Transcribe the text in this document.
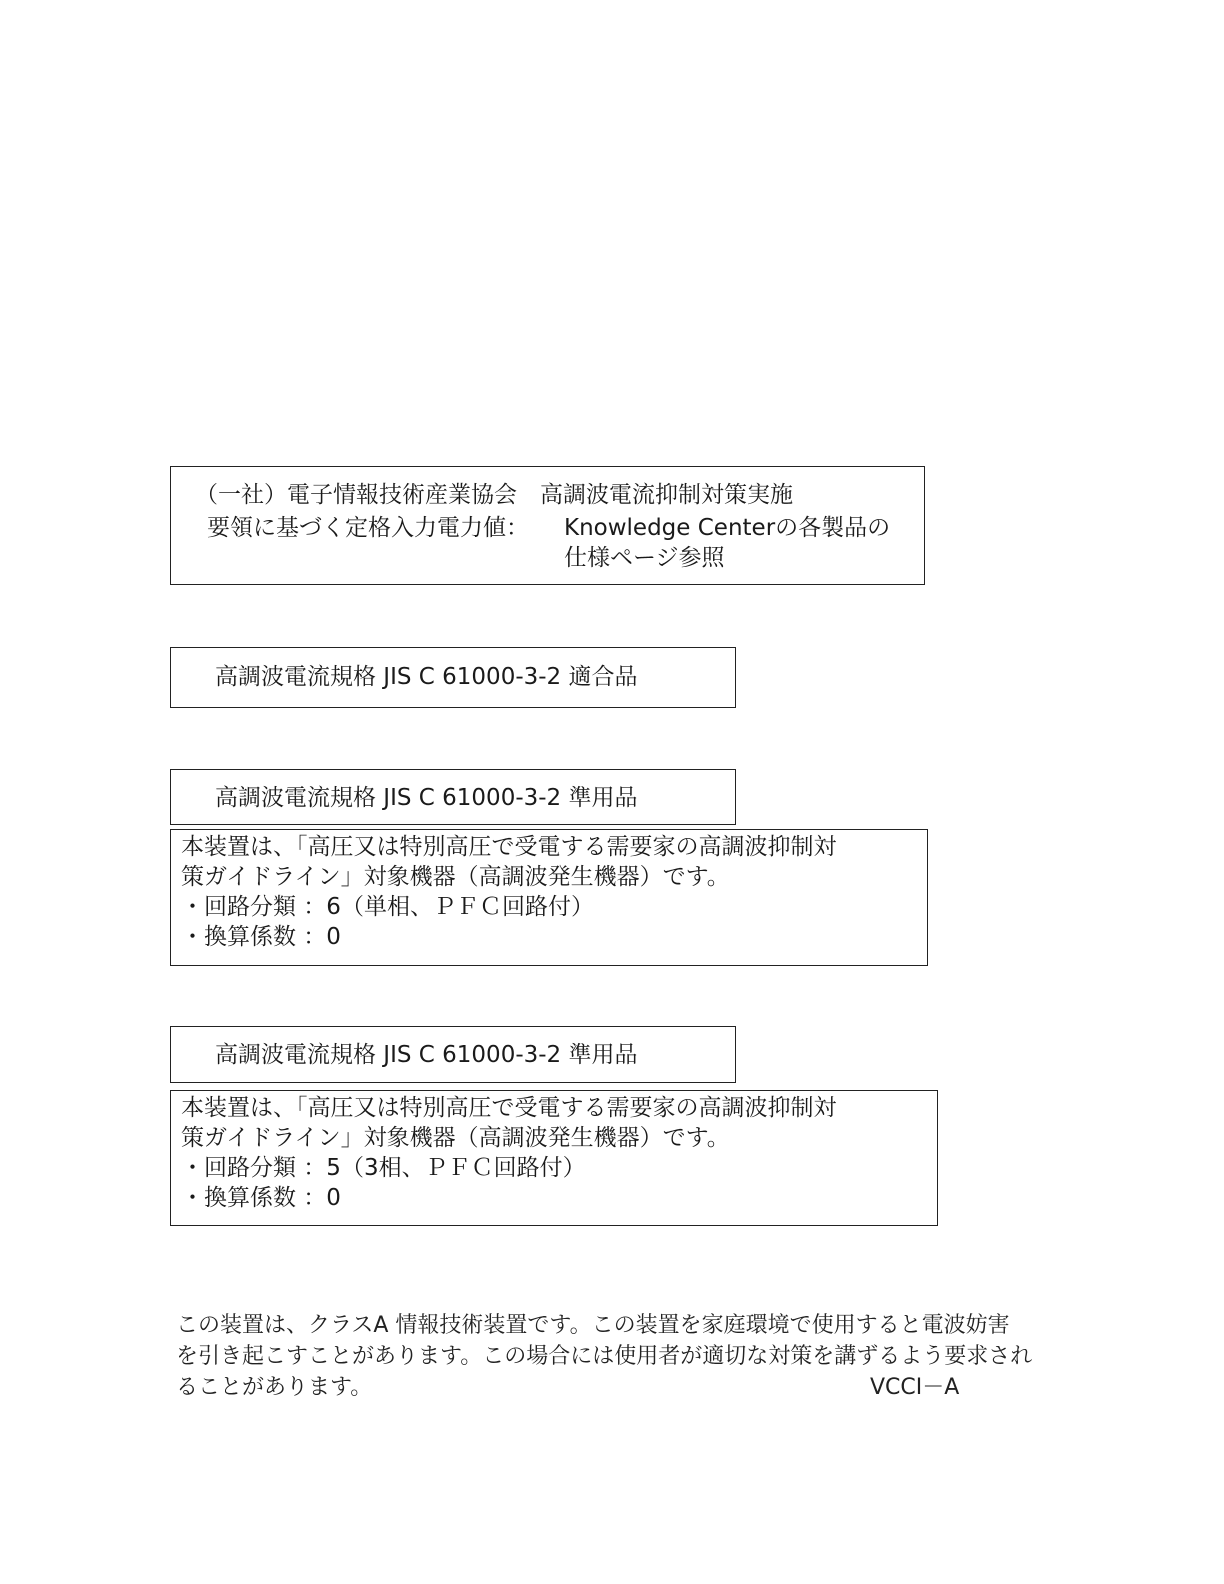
（一社）電子情報技術産業協会　高調波電流抑制対策実施
要領に基づく定格入力電力値： Knowledge Centerの各製品の
仕様ページ参照
高調波電流規格 JIS C 61000-3-2 適合品
高調波電流規格 JIS C 61000-3-2 準用品
本装置は、「高圧又は特別高圧で受電する需要家の高調波抑制対
策ガイドライン」対象機器（高調波発生機器）です。
・回路分類 ：6（単相、ＰＦＣ回路付）
・換算係数 ：0
高調波電流規格 JIS C 61000-3-2 準用品
本装置は、「高圧又は特別高圧で受電する需要家の高調波抑制対
策ガイドライン」対象機器（高調波発生機器）です。
・回路分類 ：5（3相、ＰＦＣ回路付）
・換算係数 ：0
この装置は、クラスA 情報技術装置です。この装置を家庭環境で使用すると電波妨害
を引き起こすことがあります。この場合には使用者が適切な対策を講ずるよう要求され
ることがあります。	VCCI－A
